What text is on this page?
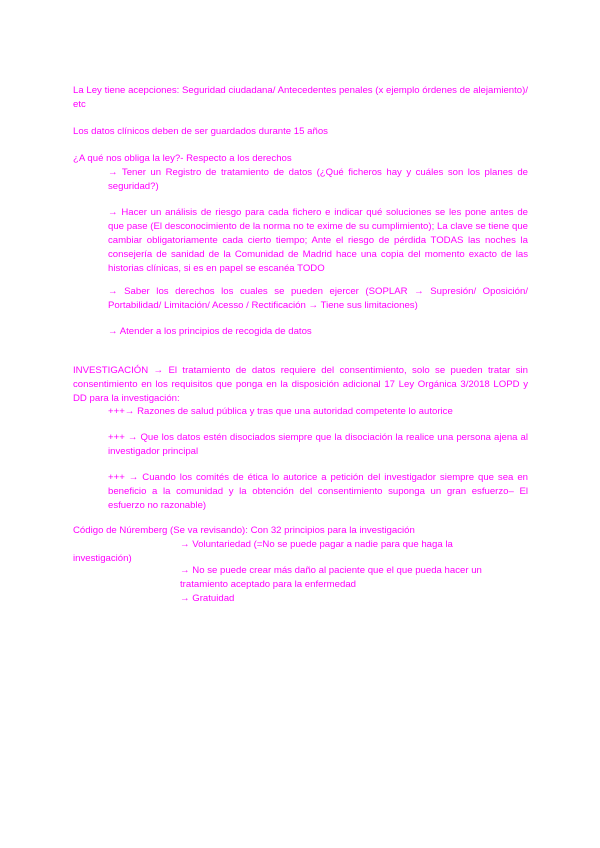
La Ley tiene acepciones: Seguridad ciudadana/ Antecedentes penales (x ejemplo órdenes de alejamiento)/ etc

Los datos clínicos deben de ser guardados durante 15 años

¿A qué nos obliga la ley?- Respecto a los derechos

→ Tener un Registro de tratamiento de datos (¿Qué ficheros hay y cuáles son los planes de seguridad?)

→ Hacer un análisis de riesgo para cada fichero e indicar qué soluciones se les pone antes de que pase (El desconocimiento de la norma no te exime de su cumplimiento); La clave se tiene que cambiar obligatoriamente cada cierto tiempo; Ante el riesgo de pérdida TODAS las noches la consejería de sanidad de la Comunidad de Madrid hace una copia del momento exacto de las historias clínicas, si es en papel se escanéa TODO

→ Saber los derechos los cuales se pueden ejercer (SOPLAR → Supresión/ Oposición/ Portabilidad/ Limitación/ Acesso / Rectificación → Tiene sus limitaciones)

→ Atender a los principios de recogida de datos

INVESTIGACIÓN → El tratamiento de datos requiere del consentimiento, solo se pueden tratar sin consentimiento en los requisitos que ponga en la disposición adicional 17 Ley Orgánica 3/2018 LOPD y DD para la investigación:

+++→ Razones de salud pública y tras que una autoridad competente lo autorice

+++ → Que los datos estén disociados siempre que la disociación la realice una persona ajena al investigador principal

+++ → Cuando los comités de ética lo autorice a petición del investigador siempre que sea en beneficio a la comunidad y la obtención del consentimiento suponga un gran esfuerzo– El esfuerzo no razonable)

Código de Núremberg (Se va revisando): Con 32 principios para la investigación

→ Voluntariedad (=No se puede pagar a nadie para que haga la

investigación)

→ No se puede crear más daño al paciente que el que pueda hacer un tratamiento aceptado para la enfermedad

→ Gratuidad
